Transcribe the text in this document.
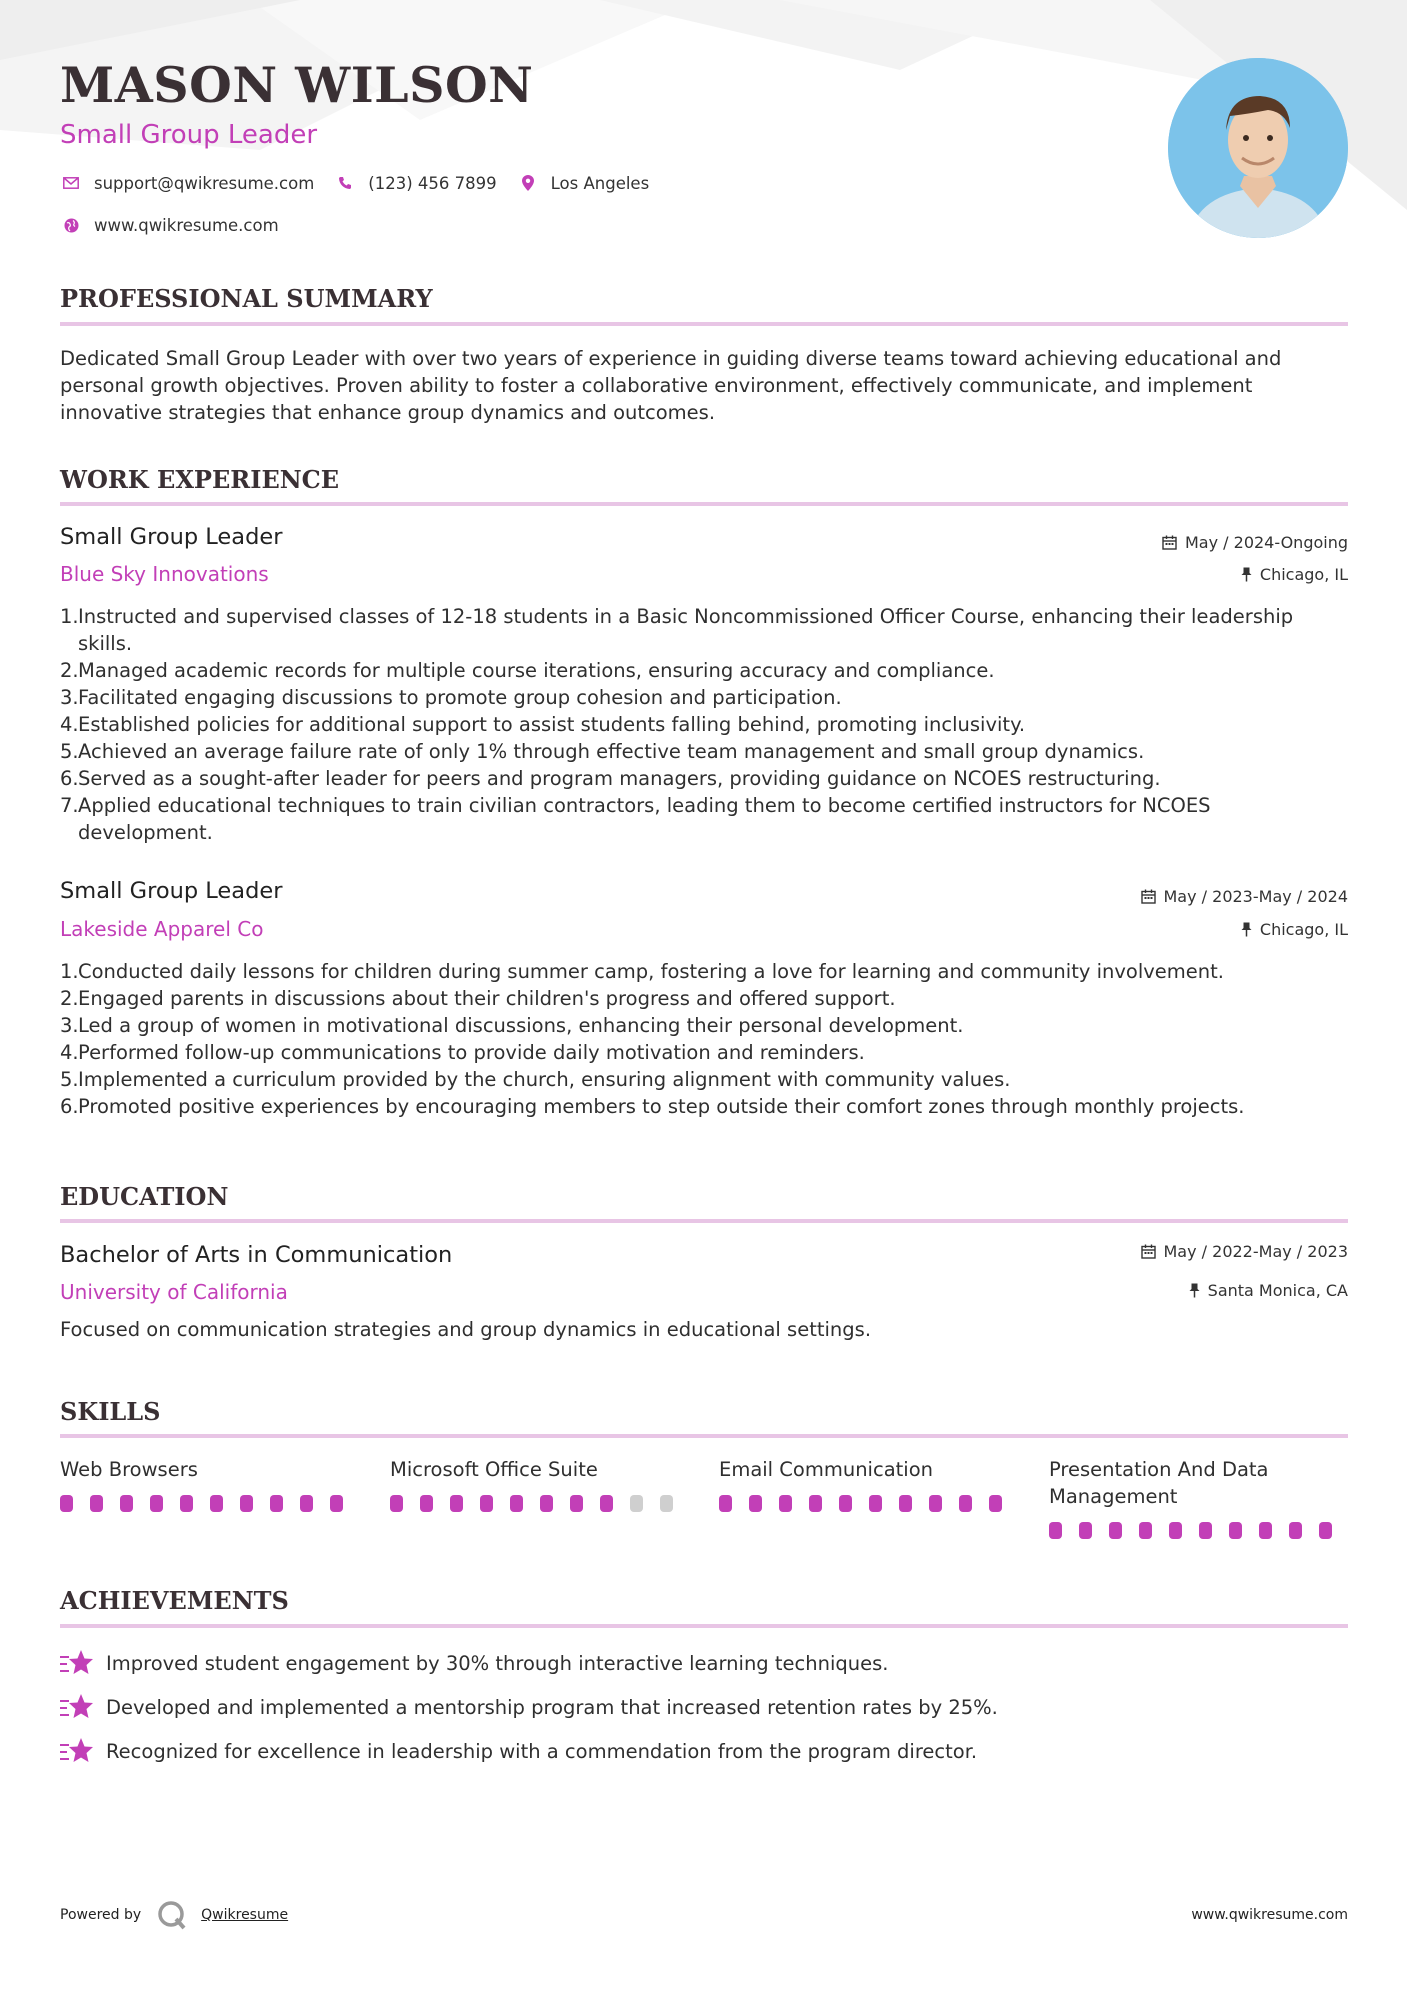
MASON WILSON
Small Group Leader
support@qwikresume.com	(123) 456 7899	Los Angeles
www.qwikresume.com
PROFESSIONAL SUMMARY
Dedicated Small Group Leader with over two years of experience in guiding diverse teams toward achieving educational and personal growth objectives. Proven ability to foster a collaborative environment, effectively communicate, and implement innovative strategies that enhance group dynamics and outcomes.
WORK EXPERIENCE
Small Group Leader
Blue Sky Innovations
May / 2024-Ongoing
Chicago, IL
1. Instructed and supervised classes of 12-18 students in a Basic Noncommissioned Officer Course, enhancing their leadership skills.
2. Managed academic records for multiple course iterations, ensuring accuracy and compliance.
3. Facilitated engaging discussions to promote group cohesion and participation.
4. Established policies for additional support to assist students falling behind, promoting inclusivity.
5. Achieved an average failure rate of only 1% through effective team management and small group dynamics.
6. Served as a sought-after leader for peers and program managers, providing guidance on NCOES restructuring.
7. Applied educational techniques to train civilian contractors, leading them to become certified instructors for NCOES development.
Small Group Leader
Lakeside Apparel Co
May / 2023-May / 2024
Chicago, IL
1. Conducted daily lessons for children during summer camp, fostering a love for learning and community involvement.
2. Engaged parents in discussions about their children's progress and offered support.
3. Led a group of women in motivational discussions, enhancing their personal development.
4. Performed follow-up communications to provide daily motivation and reminders.
5. Implemented a curriculum provided by the church, ensuring alignment with community values.
6. Promoted positive experiences by encouraging members to step outside their comfort zones through monthly projects.
EDUCATION
Bachelor of Arts in Communication
University of California
May / 2022-May / 2023
Santa Monica, CA
Focused on communication strategies and group dynamics in educational settings.
SKILLS
Web Browsers	Microsoft Office Suite	Email Communication	Presentation And Data Management
ACHIEVEMENTS
Improved student engagement by 30% through interactive learning techniques.
Developed and implemented a mentorship program that increased retention rates by 25%.
Recognized for excellence in leadership with a commendation from the program director.
Powered by	Qwikresume	www.qwikresume.com
